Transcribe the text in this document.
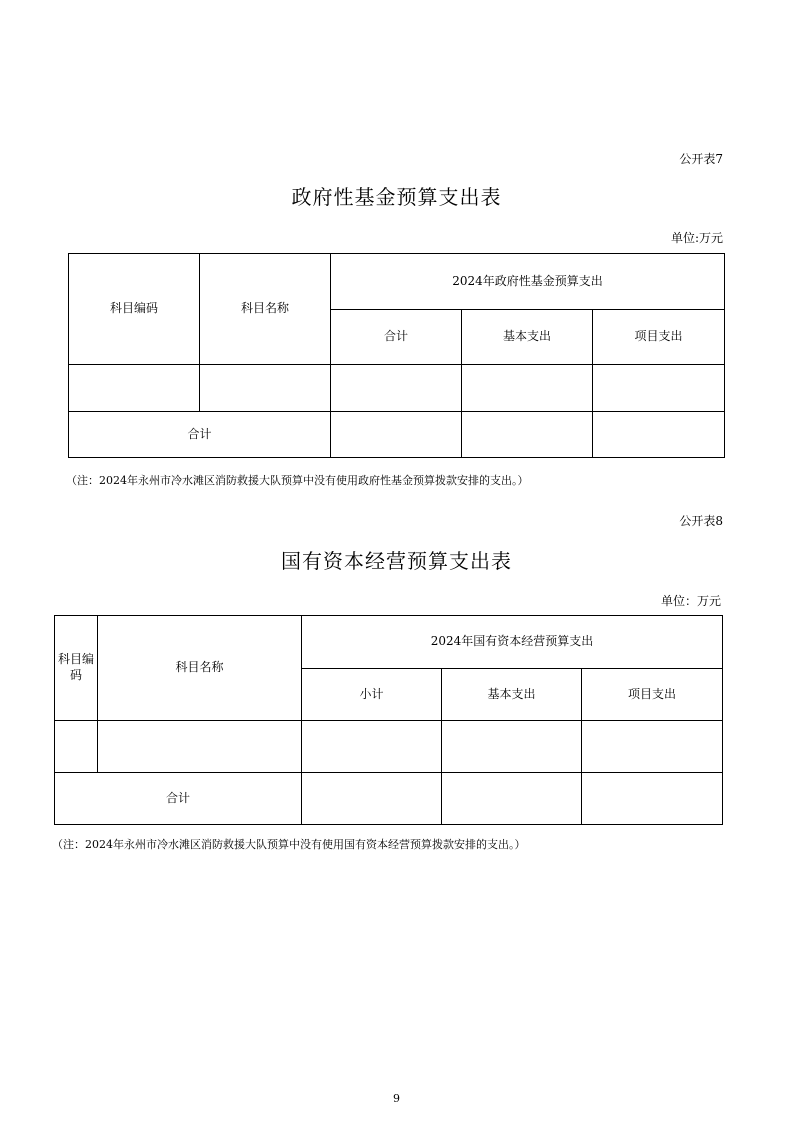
公开表7
政府性基金预算支出表
单位:万元
科目编码	科目名称	2024年政府性基金预算支出		
		合计	基本支出	项目支出

合计				
（注：2024年永州市冷水滩区消防救援大队预算中没有使用政府性基金预算拨款安排的支出。）
公开表8
国有资本经营预算支出表
单位：万元
科目编码	科目名称	2024年国有资本经营预算支出		
		小计	基本支出	项目支出

合计				
（注：2024年永州市冷水滩区消防救援大队预算中没有使用国有资本经营预算拨款安排的支出。）
9
